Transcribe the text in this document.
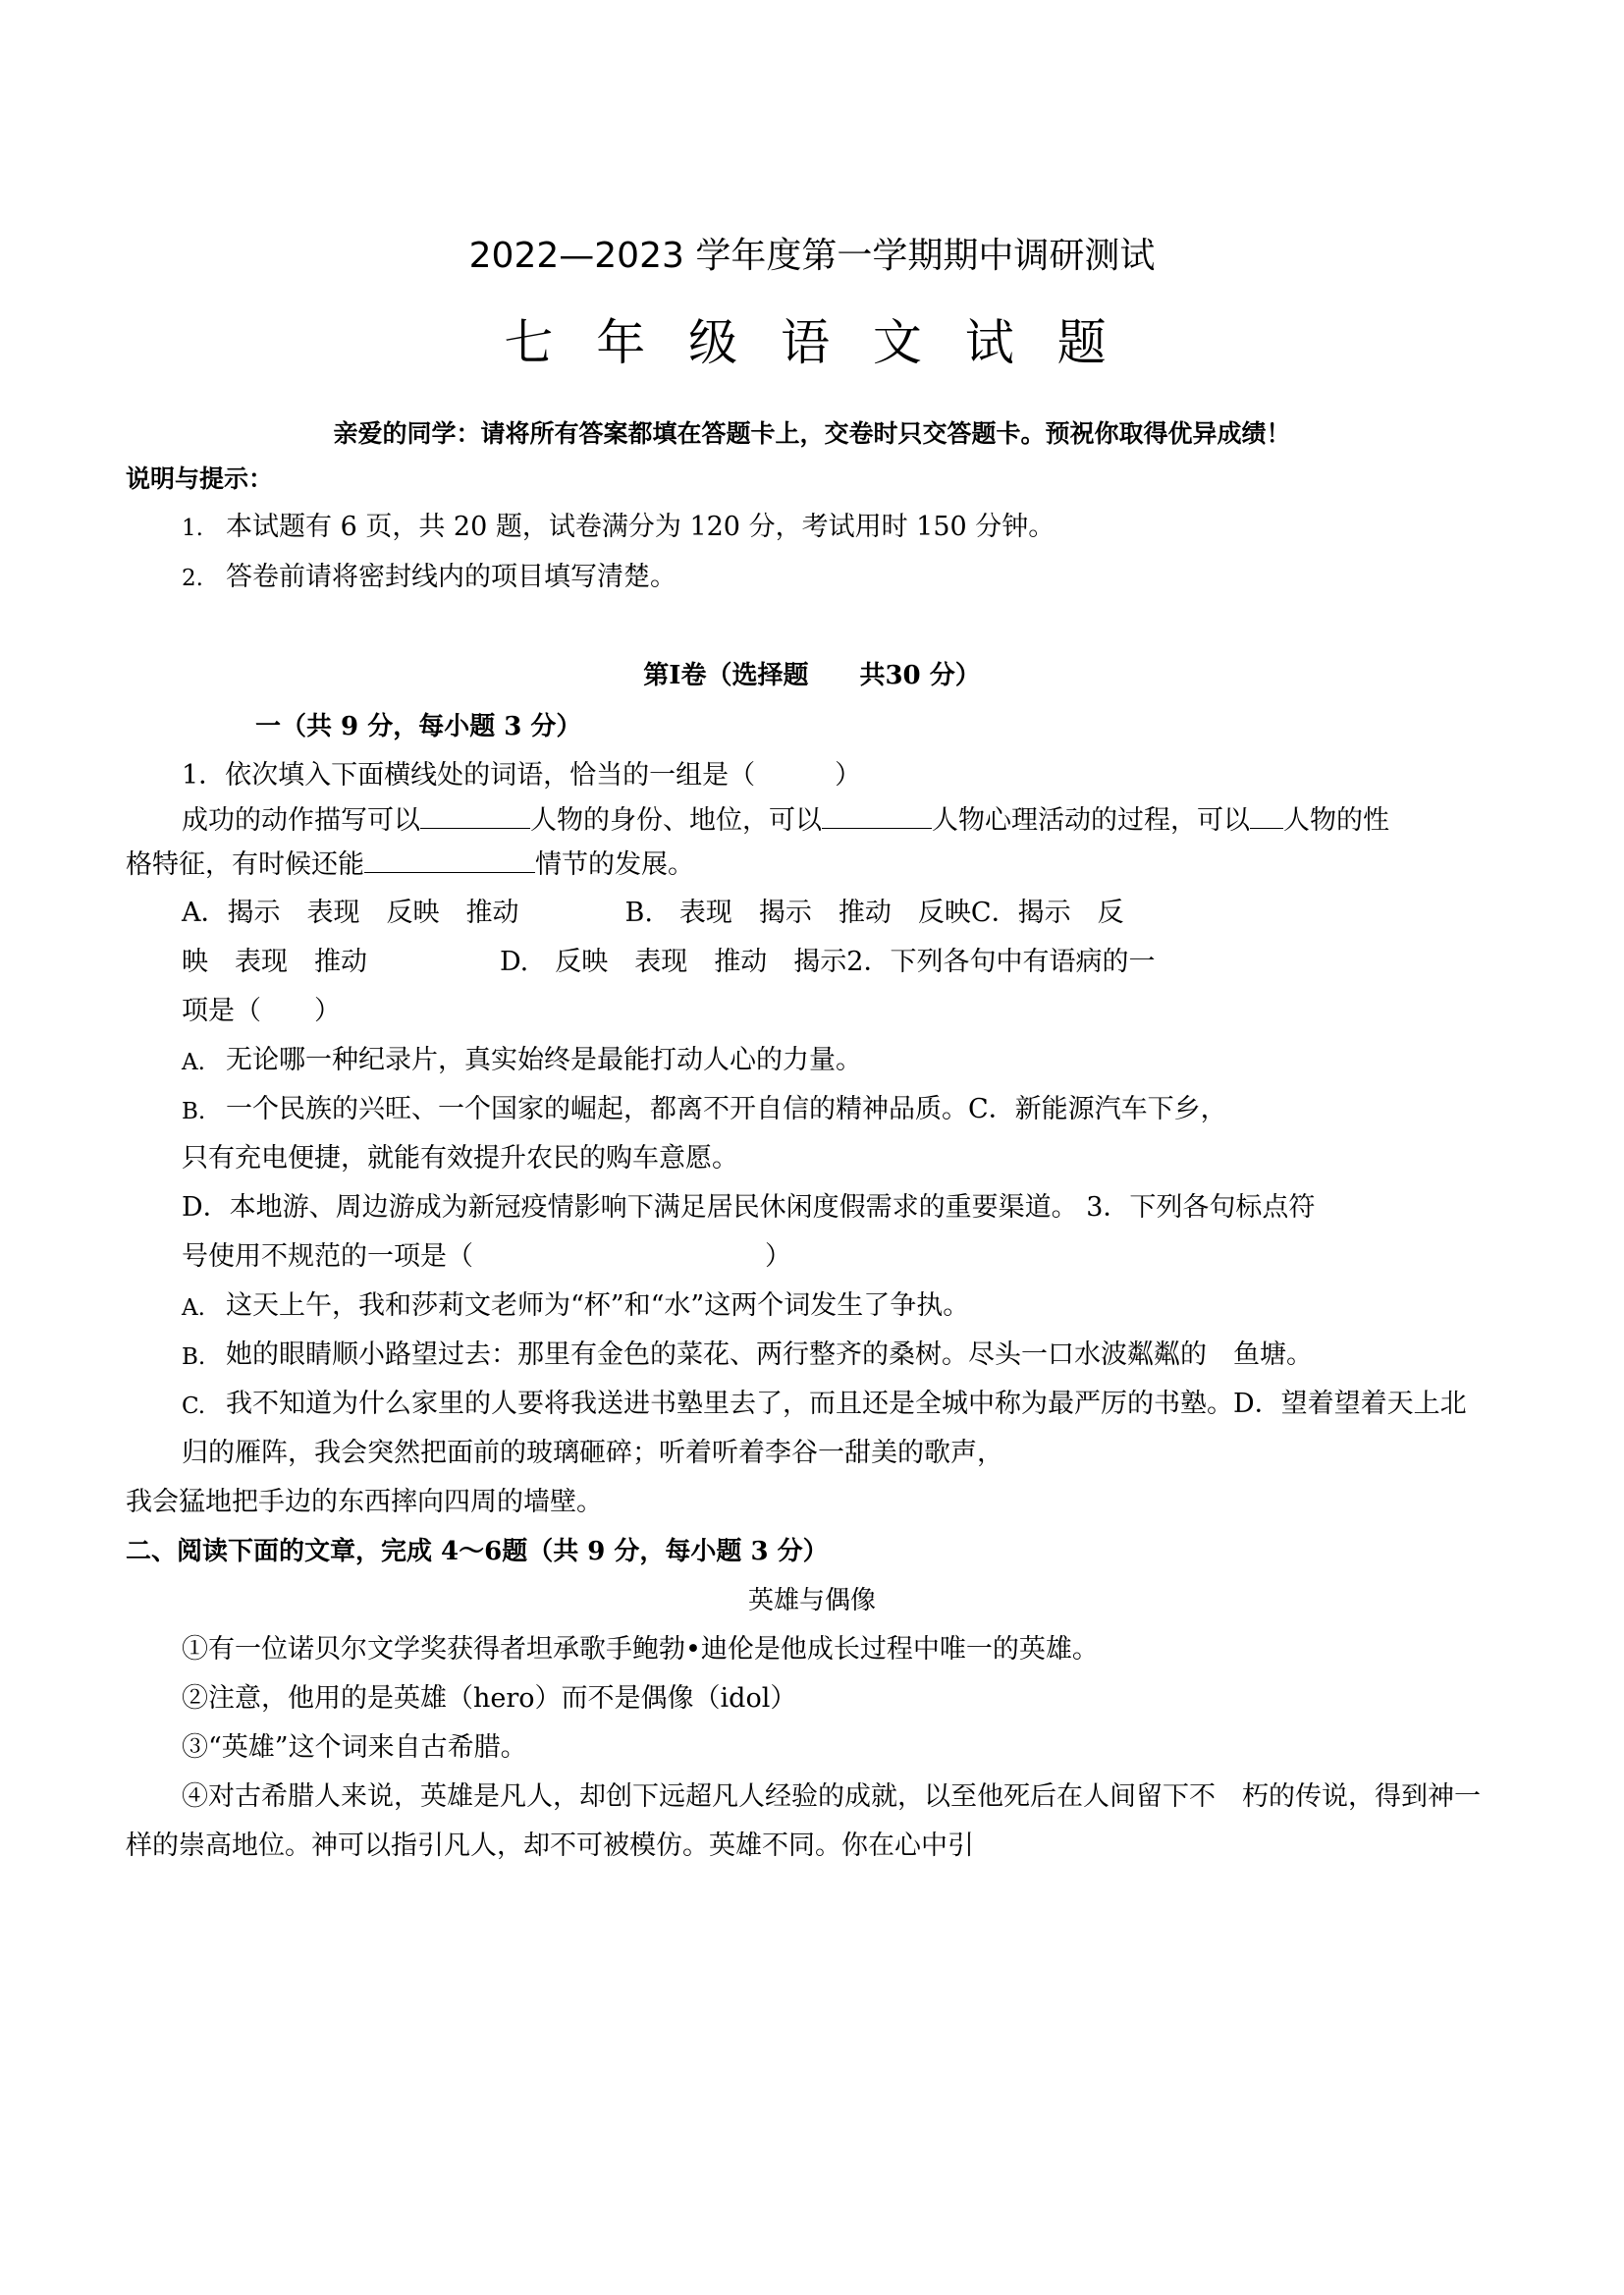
2022—2023 学年度第一学期期中调研测试
七 年 级 语 文 试 题
亲爱的同学：请将所有答案都填在答题卡上，交卷时只交答题卡。预祝你取得优异成绩！
说明与提示：
1. 本试题有 6 页，共 20 题，试卷满分为 120 分，考试用时 150 分钟。
2. 答卷前请将密封线内的项目填写清楚。
第Ⅰ卷（选择题　　共30 分）
一（共 9 分，每小题 3 分）
1．依次填入下面横线处的词语，恰当的一组是（　　　）
成功的动作描写可以	人物的身份、地位，可以	人物心理活动的过程，可以 人物的性
格特征，有时候还能	情节的发展。
A．揭示　表现　反映　推动　　　　B.　表现　揭示　推动　反映C．揭示　反
映　表现　推动　　　　　D.　反映　表现　推动　揭示2．下列各句中有语病的一
项是（　　）
A. 无论哪一种纪录片，真实始终是最能打动人心的力量。
B. 一个民族的兴旺、一个国家的崛起，都离不开自信的精神品质。C．新能源汽车下乡，
只有充电便捷，就能有效提升农民的购车意愿。
D．本地游、周边游成为新冠疫情影响下满足居民休闲度假需求的重要渠道。 3．下列各句标点符
号使用不规范的一项是（　　　　　　　　　　　）
A. 这天上午，我和莎莉文老师为“杯”和“水”这两个词发生了争执。
B. 她的眼睛顺小路望过去：那里有金色的菜花、两行整齐的桑树。尽头一口水波粼粼的　鱼塘。
C. 我不知道为什么家里的人要将我送进书塾里去了，而且还是全城中称为最严厉的书塾。D．望着望着天上北
归的雁阵，我会突然把面前的玻璃砸碎；听着听着李谷一甜美的歌声，
我会猛地把手边的东西摔向四周的墙壁。
二、阅读下面的文章，完成 4～6题（共 9 分，每小题 3 分）
英雄与偶像
①有一位诺贝尔文学奖获得者坦承歌手鲍勃•迪伦是他成长过程中唯一的英雄。
②注意，他用的是英雄（hero）而不是偶像（idol）
③“英雄”这个词来自古希腊。
④对古希腊人来说，英雄是凡人，却创下远超凡人经验的成就，以至他死后在人间留下不　朽的传说，得到神一
样的崇高地位。神可以指引凡人，却不可被模仿。英雄不同。你在心中引
